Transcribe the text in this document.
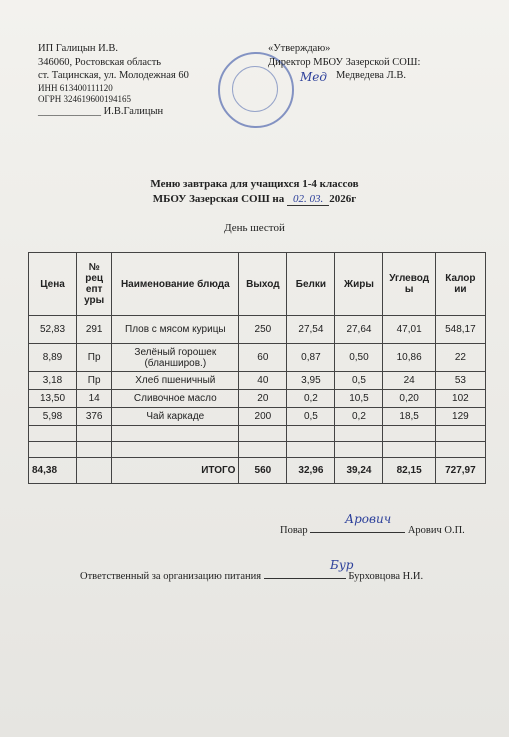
ИП Галицын И.В.
346060, Ростовская область
ст. Тацинская, ул. Молодежная 60
ИНН 613400111120
ОГРН 324619600194165
____________ И.В.Галицын
«Утверждаю»
Директор МБОУ Зазерской СОШ:
Медведева Л.В.
Мед
Меню завтрака для учащихся 1-4 классов
МБОУ Зазерская СОШ на 02. 03. 2026г
День шестой
Цена	№ рец епт уры	Наименование блюда	Выход	Белки	Жиры	Углевод ы	Калор ии
52,83	291	Плов с мясом курицы	250	27,54	27,64	47,01	548,17
8,89	Пр	Зелёный горошек (бланширов.)	60	0,87	0,50	10,86	22
3,18	Пр	Хлеб пшеничный	40	3,95	0,5	24	53
13,50	14	Сливочное масло	20	0,2	10,5	0,20	102
5,98	376	Чай каркаде	200	0,5	0,2	18,5	129

84,38		ИТОГО	560	32,96	39,24	82,15	727,97
Повар	Арович О.П.
Арович
Ответственный за организацию питания	Бурховцова Н.И.
Бур
